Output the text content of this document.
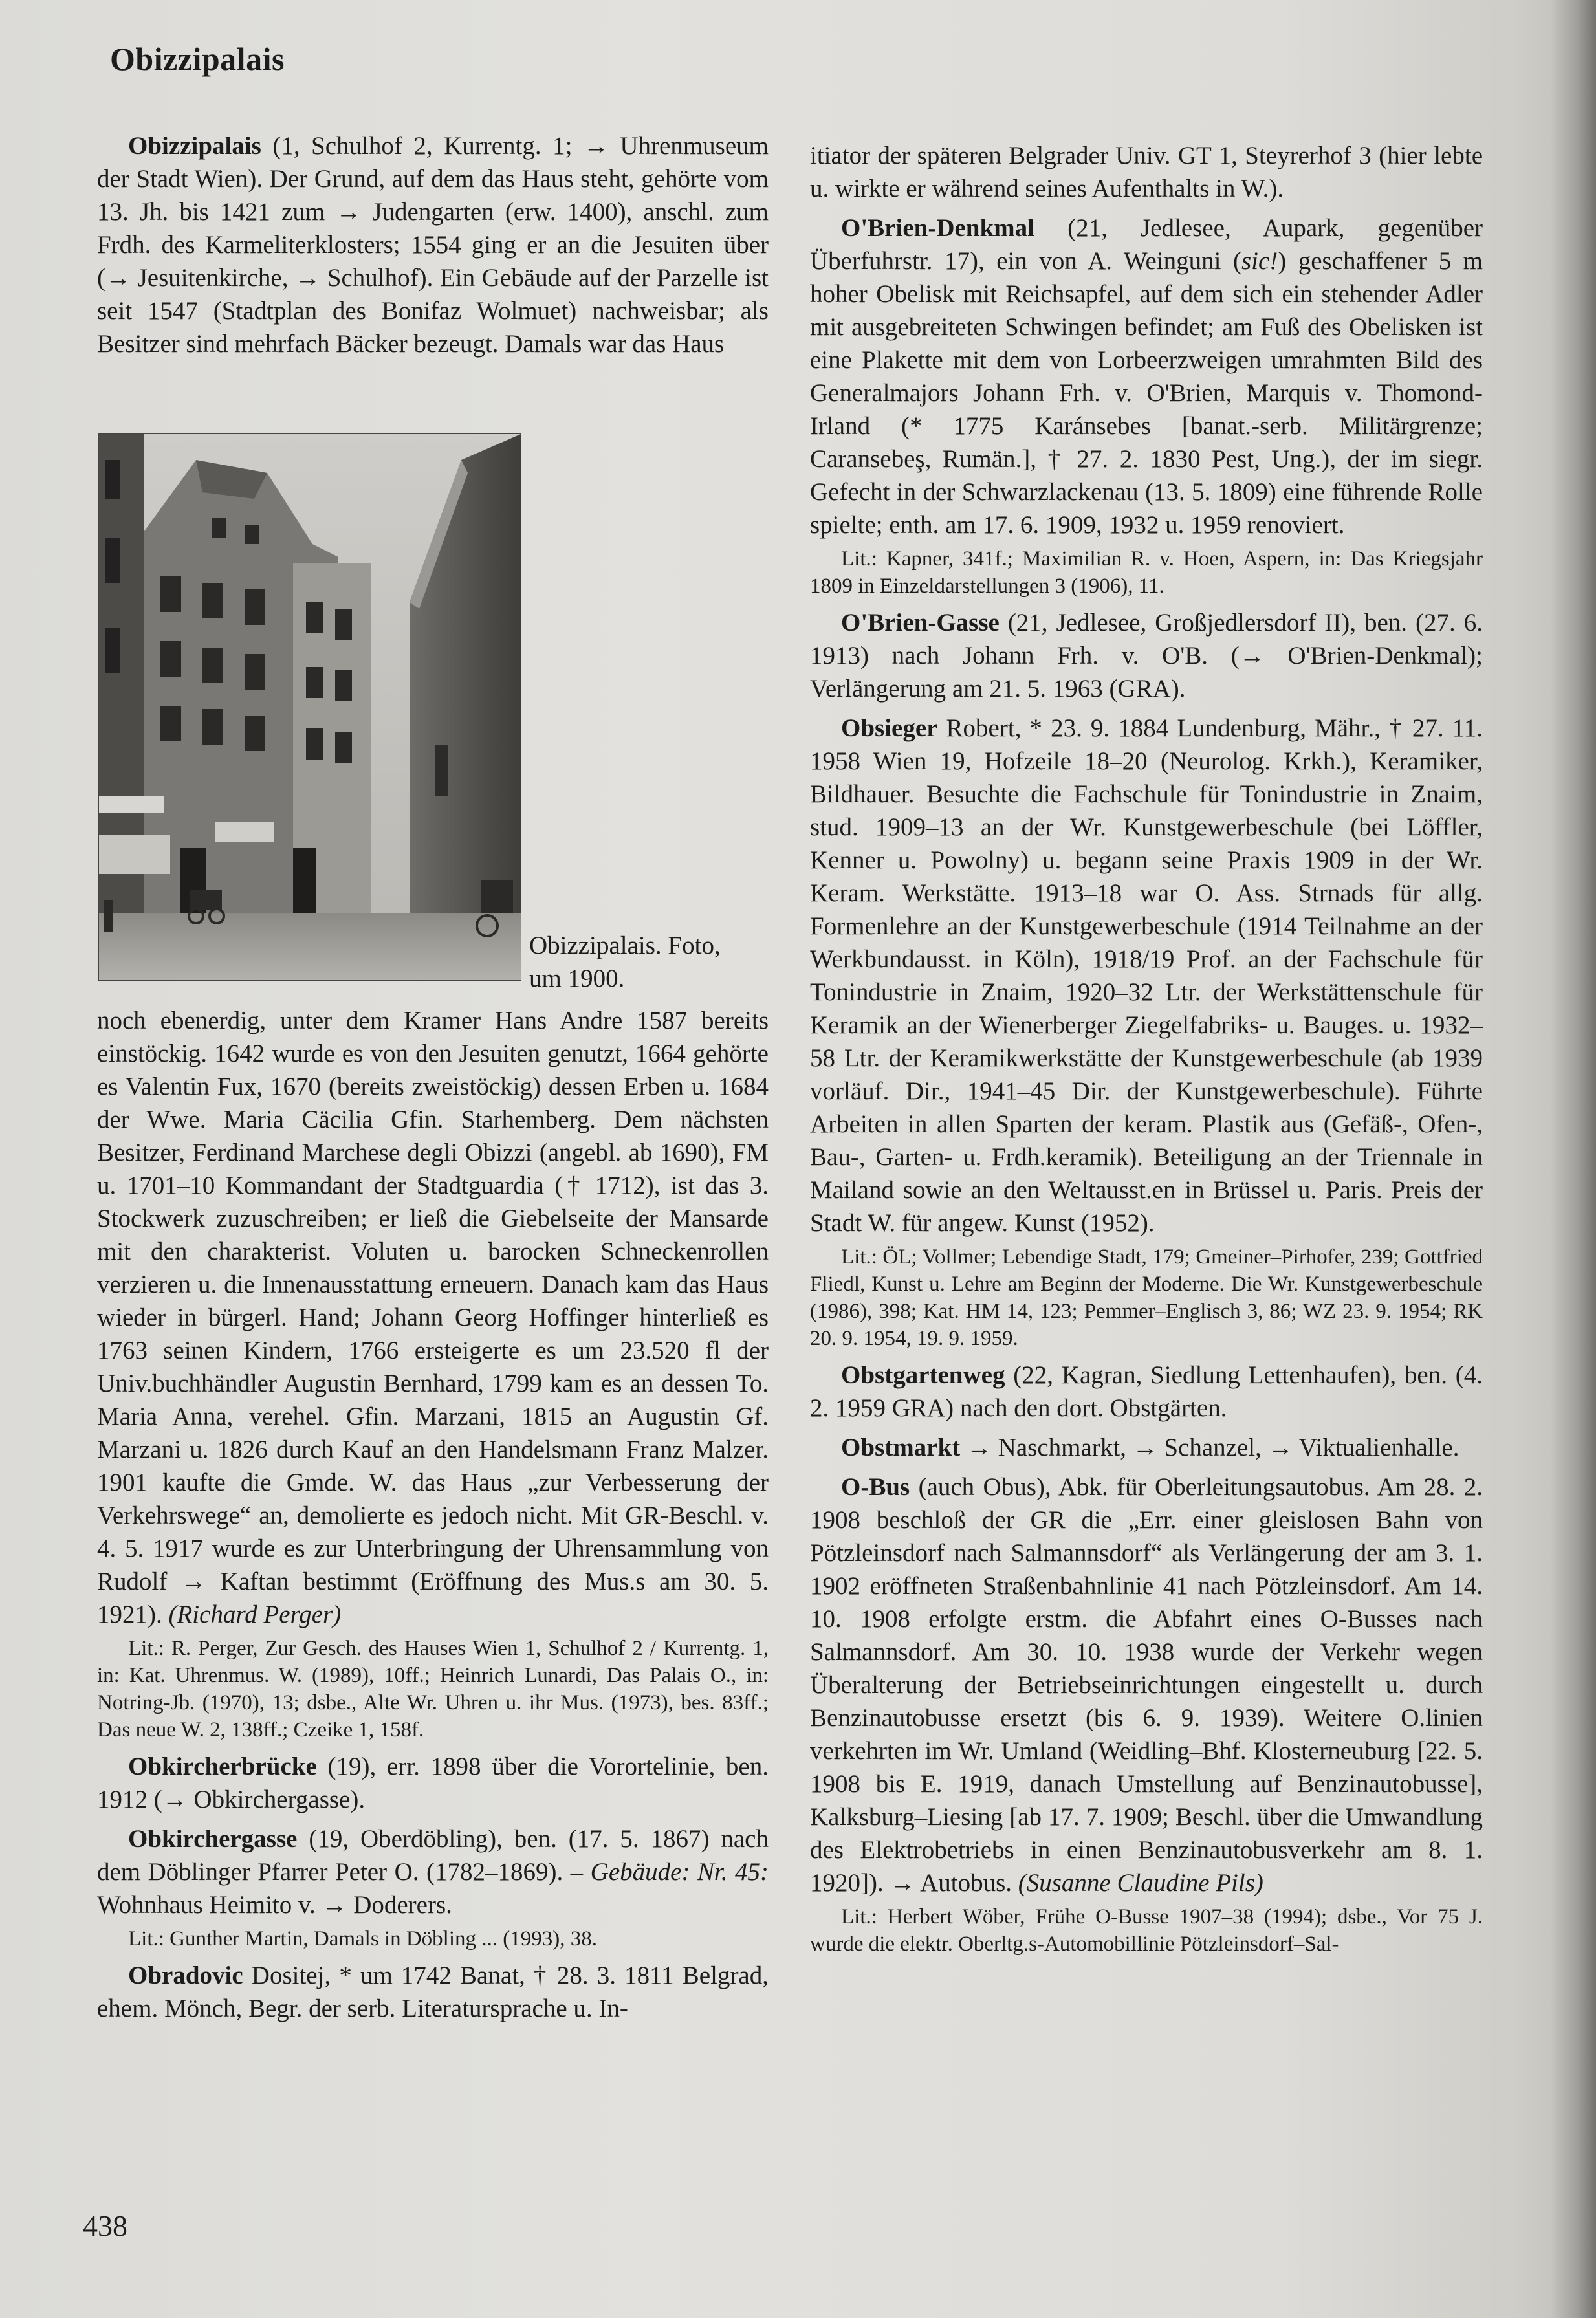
Obizzipalais

Obizzipalais (1, Schulhof 2, Kurrentg. 1; → Uhrenmuseum der Stadt Wien). Der Grund, auf dem das Haus steht, gehörte vom 13. Jh. bis 1421 zum → Judengarten (erw. 1400), anschl. zum Frdh. des Karmeliterklosters; 1554 ging er an die Jesuiten über (→ Jesuitenkirche, → Schulhof). Ein Gebäude auf der Parzelle ist seit 1547 (Stadtplan des Bonifaz Wolmuet) nachweisbar; als Besitzer sind mehrfach Bäcker bezeugt. Damals war das Haus

Obizzipalais. Foto,
um 1900.

noch ebenerdig, unter dem Kramer Hans Andre 1587 bereits einstöckig. 1642 wurde es von den Jesuiten genutzt, 1664 gehörte es Valentin Fux, 1670 (bereits zweistöckig) dessen Erben u. 1684 der Wwe. Maria Cäcilia Gfin. Starhemberg. Dem nächsten Besitzer, Ferdinand Marchese degli Obizzi (angebl. ab 1690), FM u. 1701–10 Kommandant der Stadtguardia († 1712), ist das 3. Stockwerk zuzuschreiben; er ließ die Giebelseite der Mansarde mit den charakterist. Voluten u. barocken Schneckenrollen verzieren u. die Innenausstattung erneuern. Danach kam das Haus wieder in bürgerl. Hand; Johann Georg Hoffinger hinterließ es 1763 seinen Kindern, 1766 ersteigerte es um 23.520 fl der Univ.buchhändler Augustin Bernhard, 1799 kam es an dessen To. Maria Anna, verehel. Gfin. Marzani, 1815 an Augustin Gf. Marzani u. 1826 durch Kauf an den Handelsmann Franz Malzer. 1901 kaufte die Gmde. W. das Haus „zur Verbesserung der Verkehrswege“ an, demolierte es jedoch nicht. Mit GR-Beschl. v. 4. 5. 1917 wurde es zur Unterbringung der Uhrensammlung von Rudolf → Kaftan bestimmt (Eröffnung des Mus.s am 30. 5. 1921). (Richard Perger)

Lit.: R. Perger, Zur Gesch. des Hauses Wien 1, Schulhof 2 / Kurrentg. 1, in: Kat. Uhrenmus. W. (1989), 10ff.; Heinrich Lunardi, Das Palais O., in: Notring-Jb. (1970), 13; dsbe., Alte Wr. Uhren u. ihr Mus. (1973), bes. 83ff.; Das neue W. 2, 138ff.; Czeike 1, 158f.

Obkircherbrücke (19), err. 1898 über die Vorortelinie, ben. 1912 (→ Obkirchergasse).

Obkirchergasse (19, Oberdöbling), ben. (17. 5. 1867) nach dem Döblinger Pfarrer Peter O. (1782–1869). – Gebäude: Nr. 45: Wohnhaus Heimito v. → Doderers.

Lit.: Gunther Martin, Damals in Döbling ... (1993), 38.

Obradovic Dositej, * um 1742 Banat, † 28. 3. 1811 Belgrad, ehem. Mönch, Begr. der serb. Literatursprache u. In-

itiator der späteren Belgrader Univ. GT 1, Steyrerhof 3 (hier lebte u. wirkte er während seines Aufenthalts in W.).

O'Brien-Denkmal (21, Jedlesee, Aupark, gegenüber Überfuhrstr. 17), ein von A. Weinguni (sic!) geschaffener 5 m hoher Obelisk mit Reichsapfel, auf dem sich ein stehender Adler mit ausgebreiteten Schwingen befindet; am Fuß des Obelisken ist eine Plakette mit dem von Lorbeerzweigen umrahmten Bild des Generalmajors Johann Frh. v. O'Brien, Marquis v. Thomond-Irland (* 1775 Karánsebes [banat.-serb. Militärgrenze; Caransebeş, Rumän.], † 27. 2. 1830 Pest, Ung.), der im siegr. Gefecht in der Schwarzlackenau (13. 5. 1809) eine führende Rolle spielte; enth. am 17. 6. 1909, 1932 u. 1959 renoviert.

Lit.: Kapner, 341f.; Maximilian R. v. Hoen, Aspern, in: Das Kriegsjahr 1809 in Einzeldarstellungen 3 (1906), 11.

O'Brien-Gasse (21, Jedlesee, Großjedlersdorf II), ben. (27. 6. 1913) nach Johann Frh. v. O'B. (→ O'Brien-Denkmal); Verlängerung am 21. 5. 1963 (GRA).

Obsieger Robert, * 23. 9. 1884 Lundenburg, Mähr., † 27. 11. 1958 Wien 19, Hofzeile 18–20 (Neurolog. Krkh.), Keramiker, Bildhauer. Besuchte die Fachschule für Tonindustrie in Znaim, stud. 1909–13 an der Wr. Kunstgewerbeschule (bei Löffler, Kenner u. Powolny) u. begann seine Praxis 1909 in der Wr. Keram. Werkstätte. 1913–18 war O. Ass. Strnads für allg. Formenlehre an der Kunstgewerbeschule (1914 Teilnahme an der Werkbundausst. in Köln), 1918/19 Prof. an der Fachschule für Tonindustrie in Znaim, 1920–32 Ltr. der Werkstättenschule für Keramik an der Wienerberger Ziegelfabriks- u. Bauges. u. 1932–58 Ltr. der Keramikwerkstätte der Kunstgewerbeschule (ab 1939 vorläuf. Dir., 1941–45 Dir. der Kunstgewerbeschule). Führte Arbeiten in allen Sparten der keram. Plastik aus (Gefäß-, Ofen-, Bau-, Garten- u. Frdh.keramik). Beteiligung an der Triennale in Mailand sowie an den Weltausst.en in Brüssel u. Paris. Preis der Stadt W. für angew. Kunst (1952).

Lit.: ÖL; Vollmer; Lebendige Stadt, 179; Gmeiner–Pirhofer, 239; Gottfried Fliedl, Kunst u. Lehre am Beginn der Moderne. Die Wr. Kunstgewerbeschule (1986), 398; Kat. HM 14, 123; Pemmer–Englisch 3, 86; WZ 23. 9. 1954; RK 20. 9. 1954, 19. 9. 1959.

Obstgartenweg (22, Kagran, Siedlung Lettenhaufen), ben. (4. 2. 1959 GRA) nach den dort. Obstgärten.

Obstmarkt → Naschmarkt, → Schanzel, → Viktualienhalle.

O-Bus (auch Obus), Abk. für Oberleitungsautobus. Am 28. 2. 1908 beschloß der GR die „Err. einer gleislosen Bahn von Pötzleinsdorf nach Salmannsdorf“ als Verlängerung der am 3. 1. 1902 eröffneten Straßenbahnlinie 41 nach Pötzleinsdorf. Am 14. 10. 1908 erfolgte erstm. die Abfahrt eines O-Busses nach Salmannsdorf. Am 30. 10. 1938 wurde der Verkehr wegen Überalterung der Betriebseinrichtungen eingestellt u. durch Benzinautobusse ersetzt (bis 6. 9. 1939). Weitere O.linien verkehrten im Wr. Umland (Weidling–Bhf. Klosterneuburg [22. 5. 1908 bis E. 1919, danach Umstellung auf Benzinautobusse], Kalksburg–Liesing [ab 17. 7. 1909; Beschl. über die Umwandlung des Elektrobetriebs in einen Benzinautobusverkehr am 8. 1. 1920]). → Autobus. (Susanne Claudine Pils)

Lit.: Herbert Wöber, Frühe O-Busse 1907–38 (1994); dsbe., Vor 75 J. wurde die elektr. Oberltg.s-Automobillinie Pötzleinsdorf–Sal-

438
